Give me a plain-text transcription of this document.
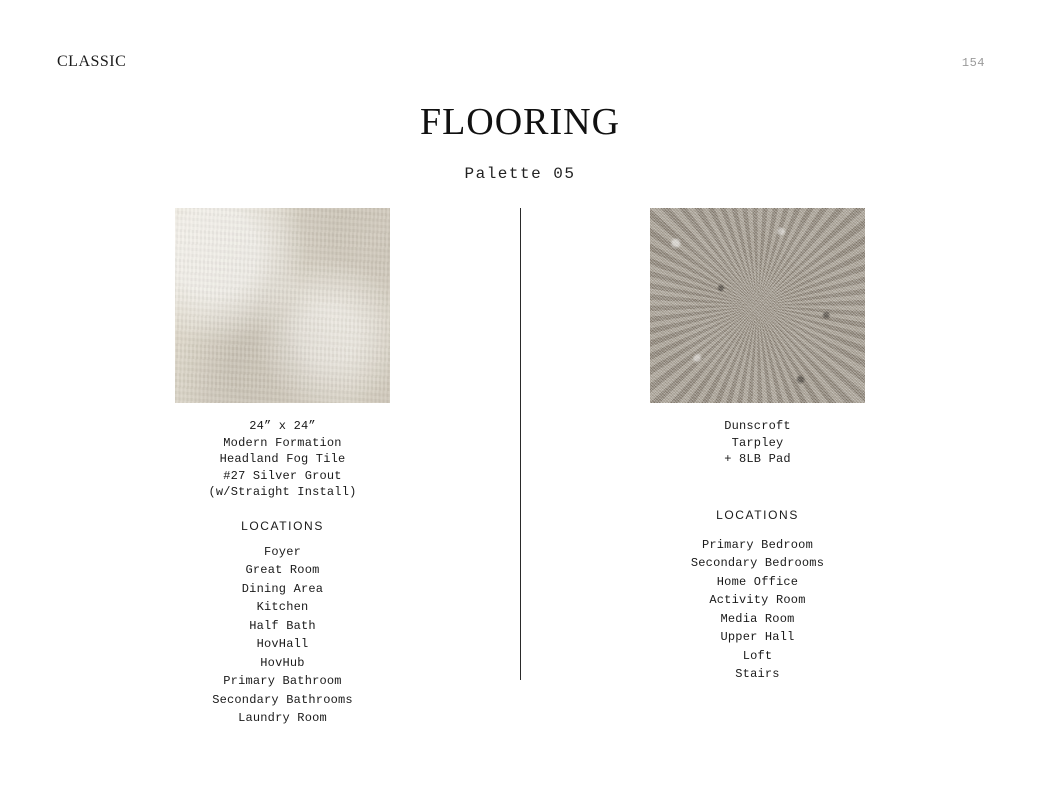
CLASSIC	154
FLOORING
Palette 05
24” x 24”
Modern Formation
Headland Fog Tile
#27 Silver Grout
(w/Straight Install)
LOCATIONS
Foyer
Great Room
Dining Area
Kitchen
Half Bath
HovHall
HovHub
Primary Bathroom
Secondary Bathrooms
Laundry Room
Dunscroft
Tarpley
+ 8LB Pad
LOCATIONS
Primary Bedroom
Secondary Bedrooms
Home Office
Activity Room
Media Room
Upper Hall
Loft
Stairs
